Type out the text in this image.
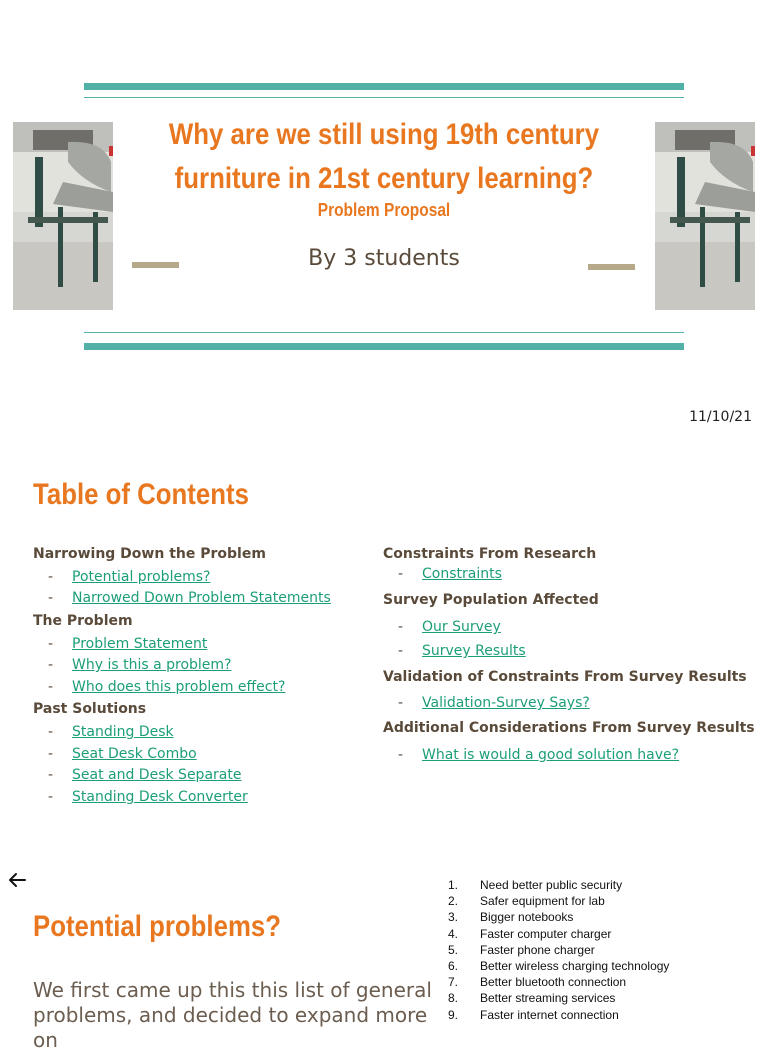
Why are we still using 19th century
furniture in 21st century learning?
Problem Proposal
By 3 students
11/10/21
Table of Contents
Narrowing Down the Problem
- Potential problems?
- Narrowed Down Problem Statements
The Problem
- Problem Statement
- Why is this a problem?
- Who does this problem effect?
Past Solutions
- Standing Desk
- Seat Desk Combo
- Seat and Desk Separate
- Standing Desk Converter
Constraints From Research
- Constraints
Survey Population Affected
- Our Survey
- Survey Results
Validation of Constraints From Survey Results
- Validation-Survey Says?
Additional Considerations From Survey Results
- What is would a good solution have?
Potential problems?
We first came up this this list of general problems, and decided to expand more on
1. Need better public security
2. Safer equipment for lab
3. Bigger notebooks
4. Faster computer charger
5. Faster phone charger
6. Better wireless charging technology
7. Better bluetooth connection
8. Better streaming services
9. Faster internet connection
